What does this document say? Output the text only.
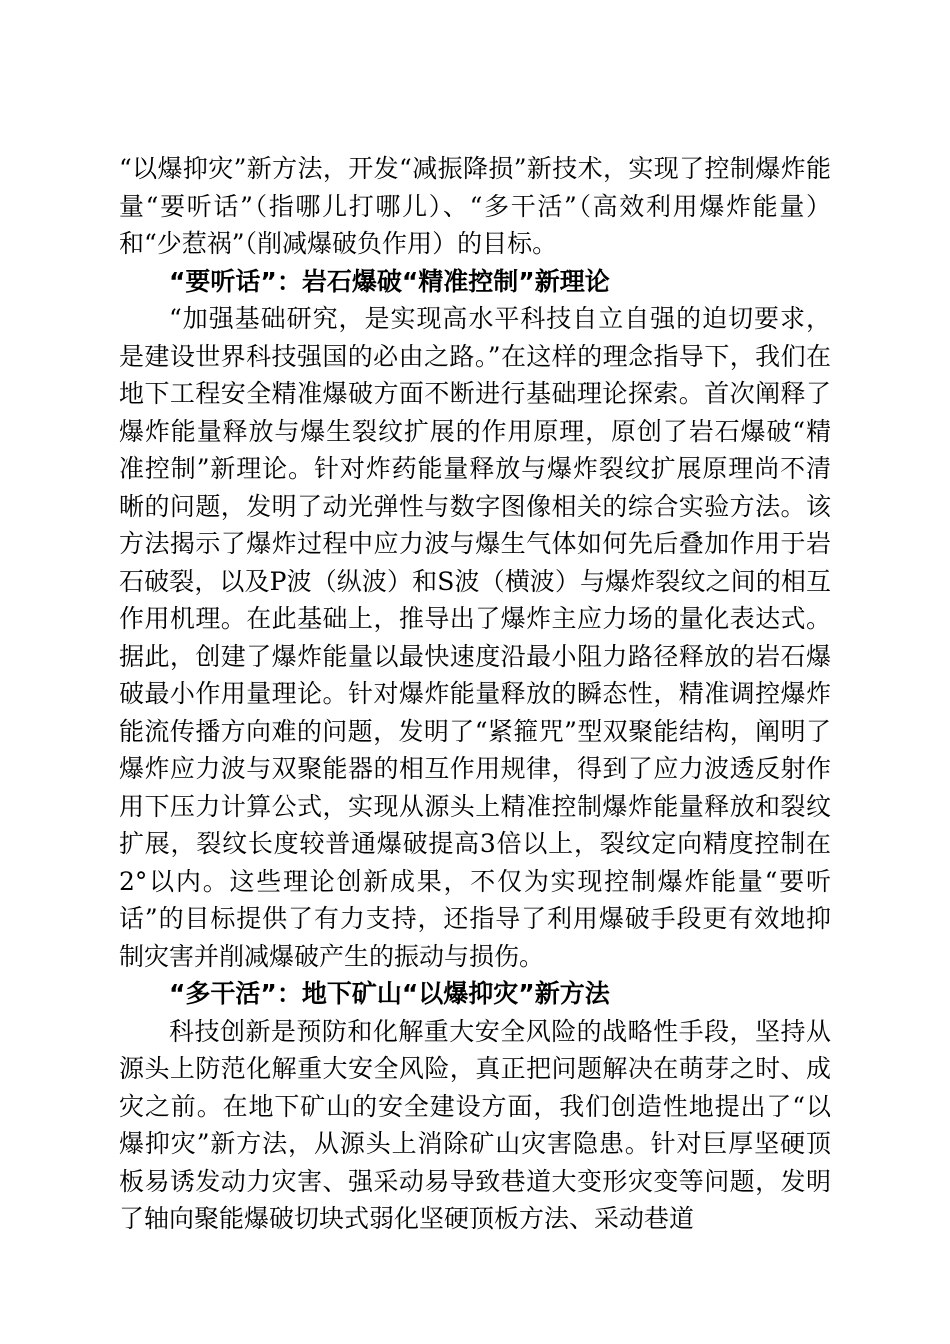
“以爆抑灾”新方法，开发“减振降损”新技术，实现了控制爆炸能量“要听话”（指哪儿打哪儿）、“多干活”（高效利用爆炸能量）和“少惹祸”（削减爆破负作用）的目标。

“要听话”：岩石爆破“精准控制”新理论

“加强基础研究，是实现高水平科技自立自强的迫切要求，是建设世界科技强国的必由之路。”在这样的理念指导下，我们在地下工程安全精准爆破方面不断进行基础理论探索。首次阐释了爆炸能量释放与爆生裂纹扩展的作用原理，原创了岩石爆破“精准控制”新理论。针对炸药能量释放与爆炸裂纹扩展原理尚不清晰的问题，发明了动光弹性与数字图像相关的综合实验方法。该方法揭示了爆炸过程中应力波与爆生气体如何先后叠加作用于岩石破裂，以及P波（纵波）和S波（横波）与爆炸裂纹之间的相互作用机理。在此基础上，推导出了爆炸主应力场的量化表达式。据此，创建了爆炸能量以最快速度沿最小阻力路径释放的岩石爆破最小作用量理论。针对爆炸能量释放的瞬态性，精准调控爆炸能流传播方向难的问题，发明了“紧箍咒”型双聚能结构，阐明了爆炸应力波与双聚能器的相互作用规律，得到了应力波透反射作用下压力计算公式，实现从源头上精准控制爆炸能量释放和裂纹扩展，裂纹长度较普通爆破提高3倍以上，裂纹定向精度控制在2°以内。这些理论创新成果，不仅为实现控制爆炸能量“要听话”的目标提供了有力支持，还指导了利用爆破手段更有效地抑制灾害并削减爆破产生的振动与损伤。

“多干活”：地下矿山“以爆抑灾”新方法

科技创新是预防和化解重大安全风险的战略性手段，坚持从源头上防范化解重大安全风险，真正把问题解决在萌芽之时、成灾之前。在地下矿山的安全建设方面，我们创造性地提出了“以爆抑灾”新方法，从源头上消除矿山灾害隐患。针对巨厚坚硬顶板易诱发动力灾害、强采动易导致巷道大变形灾变等问题，发明了轴向聚能爆破切块式弱化坚硬顶板方法、采动巷道
